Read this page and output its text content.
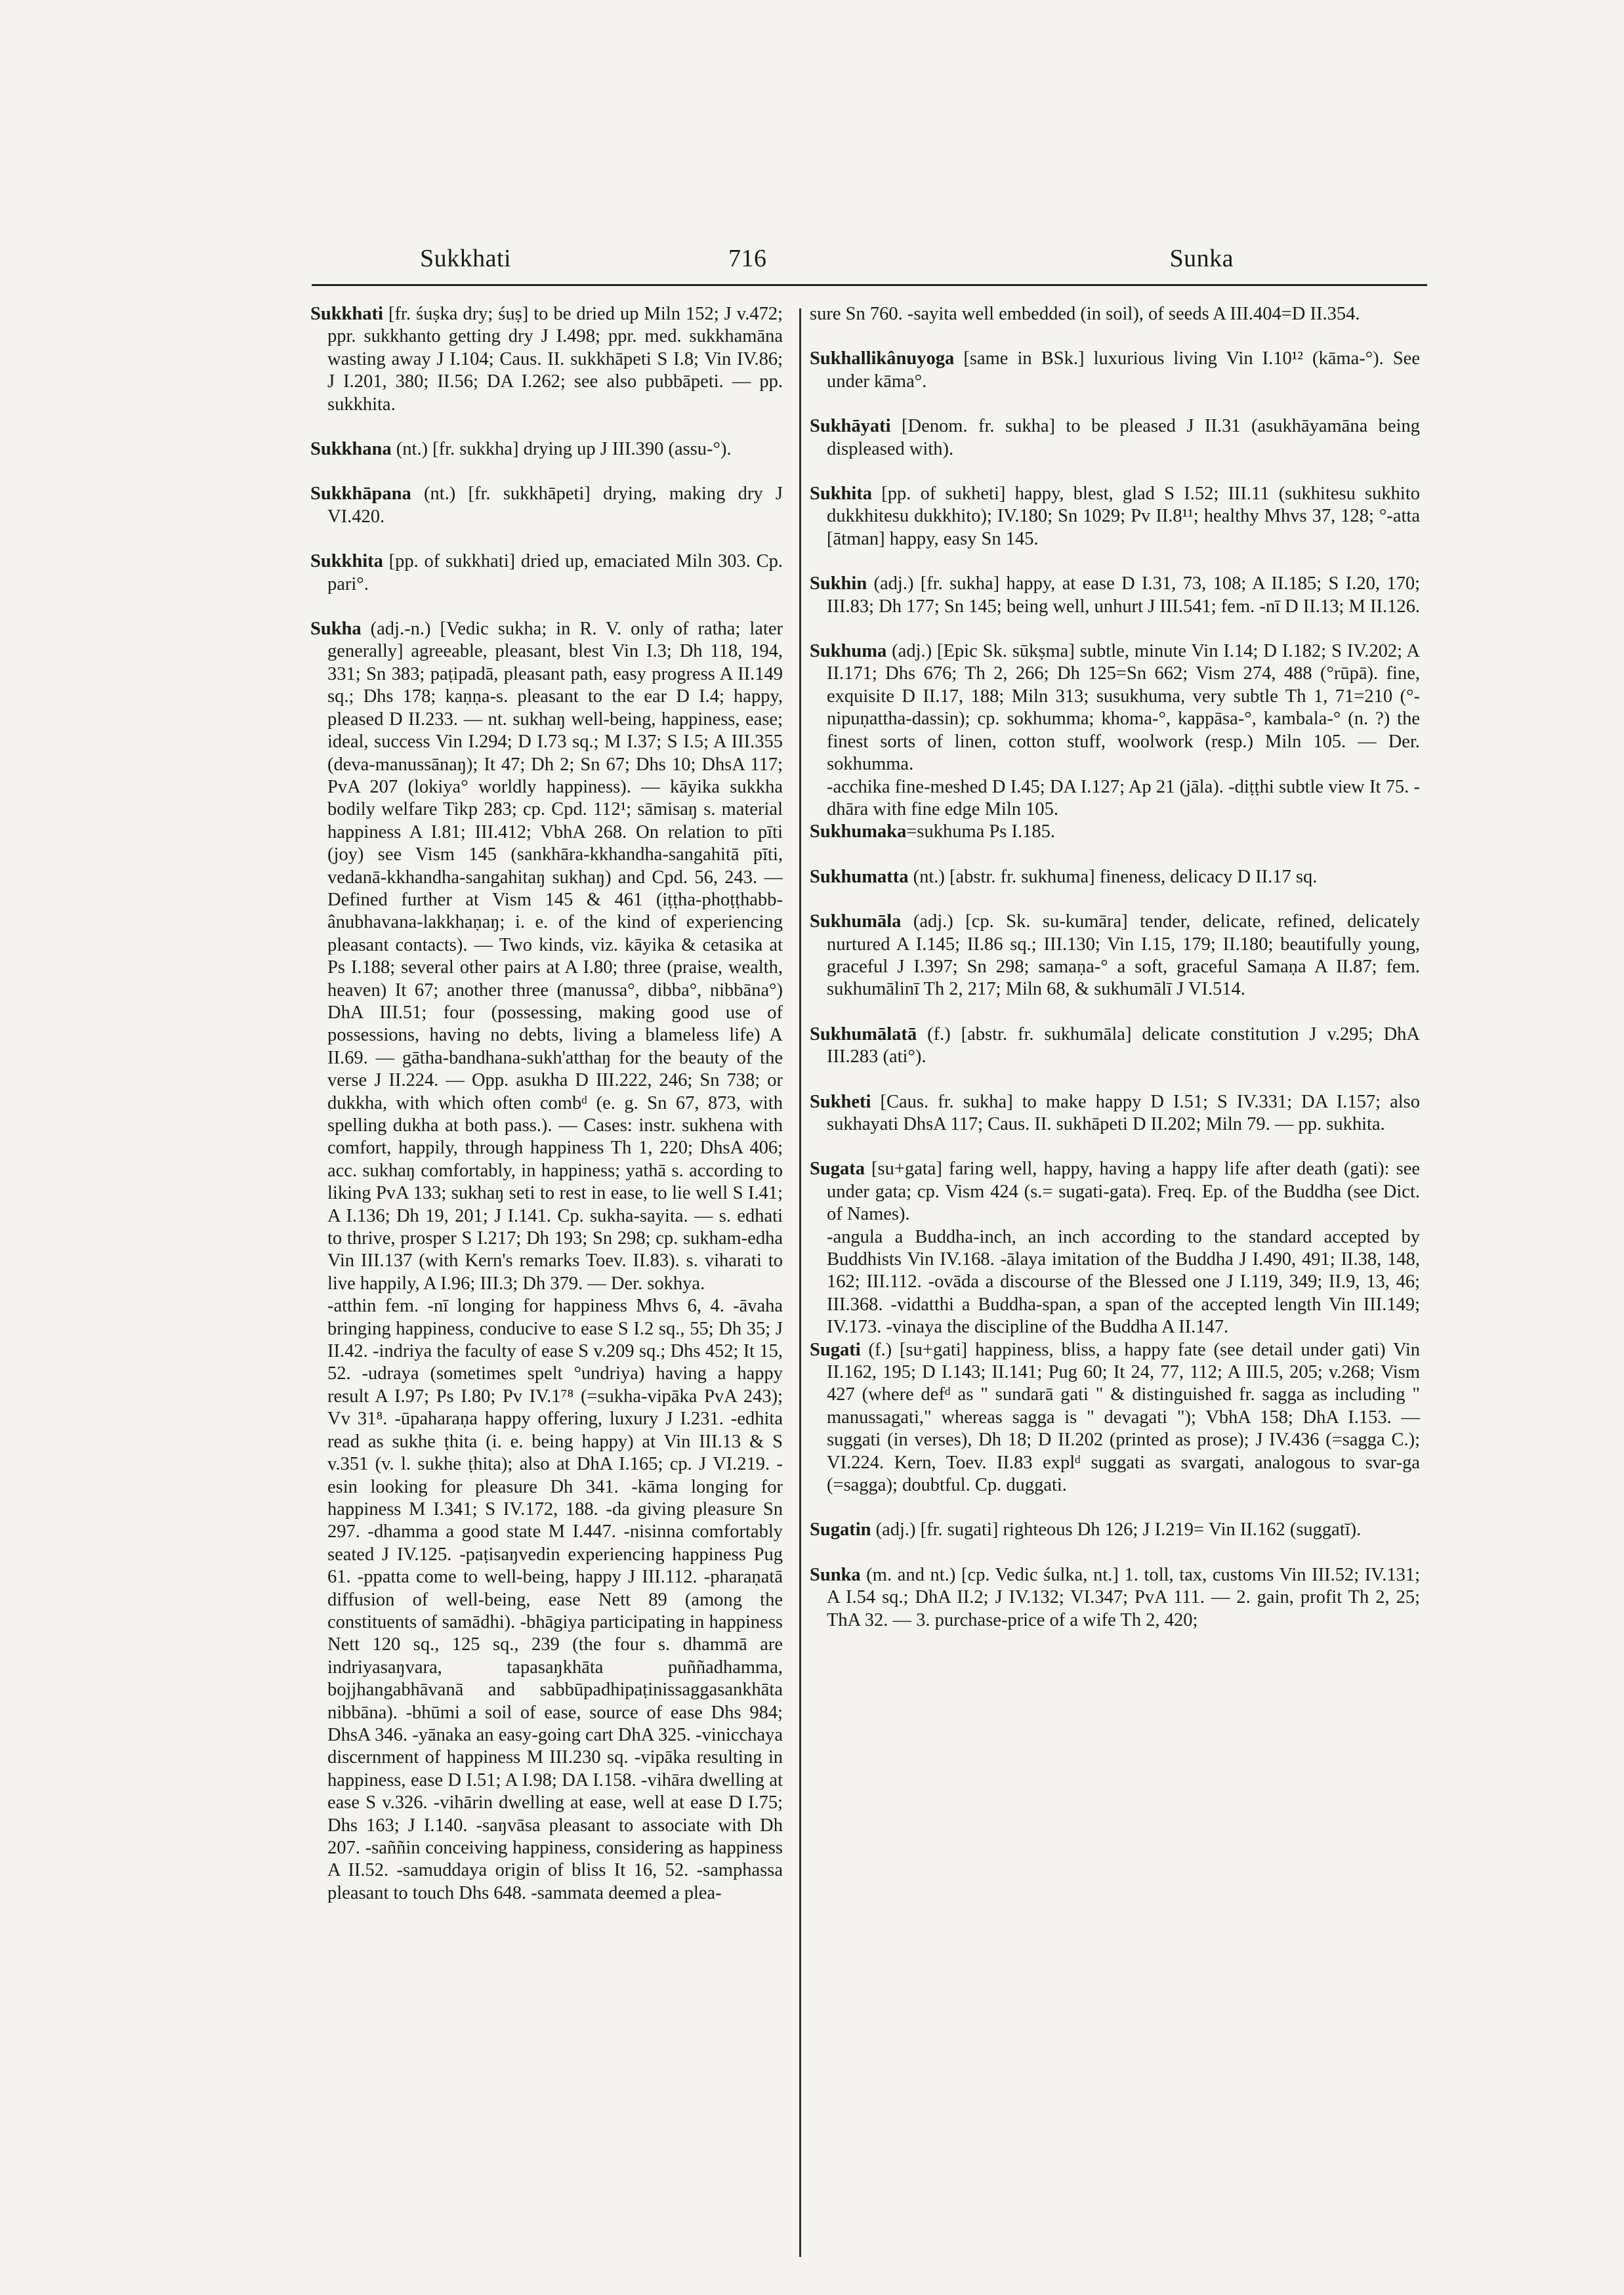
Sukkhati	716	Sunka

Sukkhati [fr. śuṣka dry; śuṣ] to be dried up Miln 152; J v.472; ppr. sukkhanto getting dry J I.498; ppr. med. sukkhamāna wasting away J I.104; Caus. II. sukkhāpeti S I.8; Vin IV.86; J I.201, 380; II.56; DA I.262; see also pubbāpeti. — pp. sukkhita.

Sukkhana (nt.) [fr. sukkha] drying up J III.390 (assu-°).

Sukkhāpana (nt.) [fr. sukkhāpeti] drying, making dry J VI.420.

Sukkhita [pp. of sukkhati] dried up, emaciated Miln 303. Cp. pari°.

Sukha (adj.-n.) [Vedic sukha; in R. V. only of ratha; later generally] agreeable, pleasant, blest Vin I.3; Dh 118, 194, 331; Sn 383; paṭipadā, pleasant path, easy progress A II.149 sq.; Dhs 178; kaṇṇa-s. pleasant to the ear D I.4; happy, pleased D II.233. — nt. sukhaŋ well-being, happiness, ease; ideal, success Vin I.294; D I.73 sq.; M I.37; S I.5; A III.355 (deva-manussānaŋ); It 47; Dh 2; Sn 67; Dhs 10; DhsA 117; PvA 207 (lokiya° worldly happiness). — kāyika sukkha bodily welfare Tikp 283; cp. Cpd. 112¹; sāmisaŋ s. material happiness A I.81; III.412; VbhA 268. On relation to pīti (joy) see Vism 145 (sankhāra-kkhandha-sangahitā pīti, vedanā-kkhandha-sangahitaŋ sukhaŋ) and Cpd. 56, 243. — Defined further at Vism 145 & 461 (iṭṭha-phoṭṭhabb-ânubhavana-lakkhaṇaŋ; i. e. of the kind of experiencing pleasant contacts). — Two kinds, viz. kāyika & cetasika at Ps I.188; several other pairs at A I.80; three (praise, wealth, heaven) It 67; another three (manussa°, dibba°, nibbāna°) DhA III.51; four (possessing, making good use of possessions, having no debts, living a blameless life) A II.69. — gātha-bandhana-sukh'atthaŋ for the beauty of the verse J II.224. — Opp. asukha D III.222, 246; Sn 738; or dukkha, with which often combᵈ (e. g. Sn 67, 873, with spelling dukha at both pass.). — Cases: instr. sukhena with comfort, happily, through happiness Th 1, 220; DhsA 406; acc. sukhaŋ comfortably, in happiness; yathā s. according to liking PvA 133; sukhaŋ seti to rest in ease, to lie well S I.41; A I.136; Dh 19, 201; J I.141. Cp. sukha-sayita. — s. edhati to thrive, prosper S I.217; Dh 193; Sn 298; cp. sukham-edha Vin III.137 (with Kern's remarks Toev. II.83). s. viharati to live happily, A I.96; III.3; Dh 379. — Der. sokhya.

-atthin fem. -nī longing for happiness Mhvs 6, 4. -āvaha bringing happiness, conducive to ease S I.2 sq., 55; Dh 35; J II.42. -indriya the faculty of ease S v.209 sq.; Dhs 452; It 15, 52. -udraya (sometimes spelt °undriya) having a happy result A I.97; Ps I.80; Pv IV.1⁷⁸ (=sukha-vipāka PvA 243); Vv 31⁸. -ūpaharaṇa happy offering, luxury J I.231. -edhita read as sukhe ṭhita (i. e. being happy) at Vin III.13 & S v.351 (v. l. sukhe ṭhita); also at DhA I.165; cp. J VI.219. -esin looking for pleasure Dh 341. -kāma longing for happiness M I.341; S IV.172, 188. -da giving pleasure Sn 297. -dhamma a good state M I.447. -nisinna comfortably seated J IV.125. -paṭisaŋvedin experiencing happiness Pug 61. -ppatta come to well-being, happy J III.112. -pharaṇatā diffusion of well-being, ease Nett 89 (among the constituents of samādhi). -bhāgiya participating in happiness Nett 120 sq., 125 sq., 239 (the four s. dhammā are indriyasaŋvara, tapasaŋkhāta puññadhamma, bojjhangabhāvanā and sabbūpadhipaṭinissaggasankhāta nibbāna). -bhūmi a soil of ease, source of ease Dhs 984; DhsA 346. -yānaka an easy-going cart DhA 325. -vinicchaya discernment of happiness M III.230 sq. -vipāka resulting in happiness, ease D I.51; A I.98; DA I.158. -vihāra dwelling at ease S v.326. -vihārin dwelling at ease, well at ease D I.75; Dhs 163; J I.140. -saŋvāsa pleasant to associate with Dh 207. -saññin conceiving happiness, considering as happiness A II.52. -samuddaya origin of bliss It 16, 52. -samphassa pleasant to touch Dhs 648. -sammata deemed a plea-

sure Sn 760. -sayita well embedded (in soil), of seeds A III.404=D II.354.

Sukhallikânuyoga [same in BSk.] luxurious living Vin I.10¹² (kāma-°). See under kāma°.

Sukhāyati [Denom. fr. sukha] to be pleased J II.31 (asukhāyamāna being displeased with).

Sukhita [pp. of sukheti] happy, blest, glad S I.52; III.11 (sukhitesu sukhito dukkhitesu dukkhito); IV.180; Sn 1029; Pv II.8¹¹; healthy Mhvs 37, 128; °-atta [ātman] happy, easy Sn 145.

Sukhin (adj.) [fr. sukha] happy, at ease D I.31, 73, 108; A II.185; S I.20, 170; III.83; Dh 177; Sn 145; being well, unhurt J III.541; fem. -nī D II.13; M II.126.

Sukhuma (adj.) [Epic Sk. sūkṣma] subtle, minute Vin I.14; D I.182; S IV.202; A II.171; Dhs 676; Th 2, 266; Dh 125=Sn 662; Vism 274, 488 (°rūpā). fine, exquisite D II.17, 188; Miln 313; susukhuma, very subtle Th 1, 71=210 (°-nipuṇattha-dassin); cp. sokhumma; khoma-°, kappāsa-°, kambala-° (n. ?) the finest sorts of linen, cotton stuff, woolwork (resp.) Miln 105. — Der. sokhumma.

-acchika fine-meshed D I.45; DA I.127; Ap 21 (jāla). -diṭṭhi subtle view It 75. -dhāra with fine edge Miln 105.

Sukhumaka=sukhuma Ps I.185.

Sukhumatta (nt.) [abstr. fr. sukhuma] fineness, delicacy D II.17 sq.

Sukhumāla (adj.) [cp. Sk. su-kumāra] tender, delicate, refined, delicately nurtured A I.145; II.86 sq.; III.130; Vin I.15, 179; II.180; beautifully young, graceful J I.397; Sn 298; samaṇa-° a soft, graceful Samaṇa A II.87; fem. sukhumālinī Th 2, 217; Miln 68, & sukhumālī J VI.514.

Sukhumālatā (f.) [abstr. fr. sukhumāla] delicate constitution J v.295; DhA III.283 (ati°).

Sukheti [Caus. fr. sukha] to make happy D I.51; S IV.331; DA I.157; also sukhayati DhsA 117; Caus. II. sukhāpeti D II.202; Miln 79. — pp. sukhita.

Sugata [su+gata] faring well, happy, having a happy life after death (gati): see under gata; cp. Vism 424 (s.= sugati-gata). Freq. Ep. of the Buddha (see Dict. of Names).

-angula a Buddha-inch, an inch according to the standard accepted by Buddhists Vin IV.168. -ālaya imitation of the Buddha J I.490, 491; II.38, 148, 162; III.112. -ovāda a discourse of the Blessed one J I.119, 349; II.9, 13, 46; III.368. -vidatthi a Buddha-span, a span of the accepted length Vin III.149; IV.173. -vinaya the discipline of the Buddha A II.147.

Sugati (f.) [su+gati] happiness, bliss, a happy fate (see detail under gati) Vin II.162, 195; D I.143; II.141; Pug 60; It 24, 77, 112; A III.5, 205; v.268; Vism 427 (where defᵈ as " sundarā gati " & distinguished fr. sagga as including " manussagati," whereas sagga is " devagati "); VbhA 158; DhA I.153. — suggati (in verses), Dh 18; D II.202 (printed as prose); J IV.436 (=sagga C.); VI.224. Kern, Toev. II.83 explᵈ suggati as svargati, analogous to svar-ga (=sagga); doubtful. Cp. duggati.

Sugatin (adj.) [fr. sugati] righteous Dh 126; J I.219= Vin II.162 (suggatī).

Sunka (m. and nt.) [cp. Vedic śulka, nt.] 1. toll, tax, customs Vin III.52; IV.131; A I.54 sq.; DhA II.2; J IV.132; VI.347; PvA 111. — 2. gain, profit Th 2, 25; ThA 32. — 3. purchase-price of a wife Th 2, 420;
